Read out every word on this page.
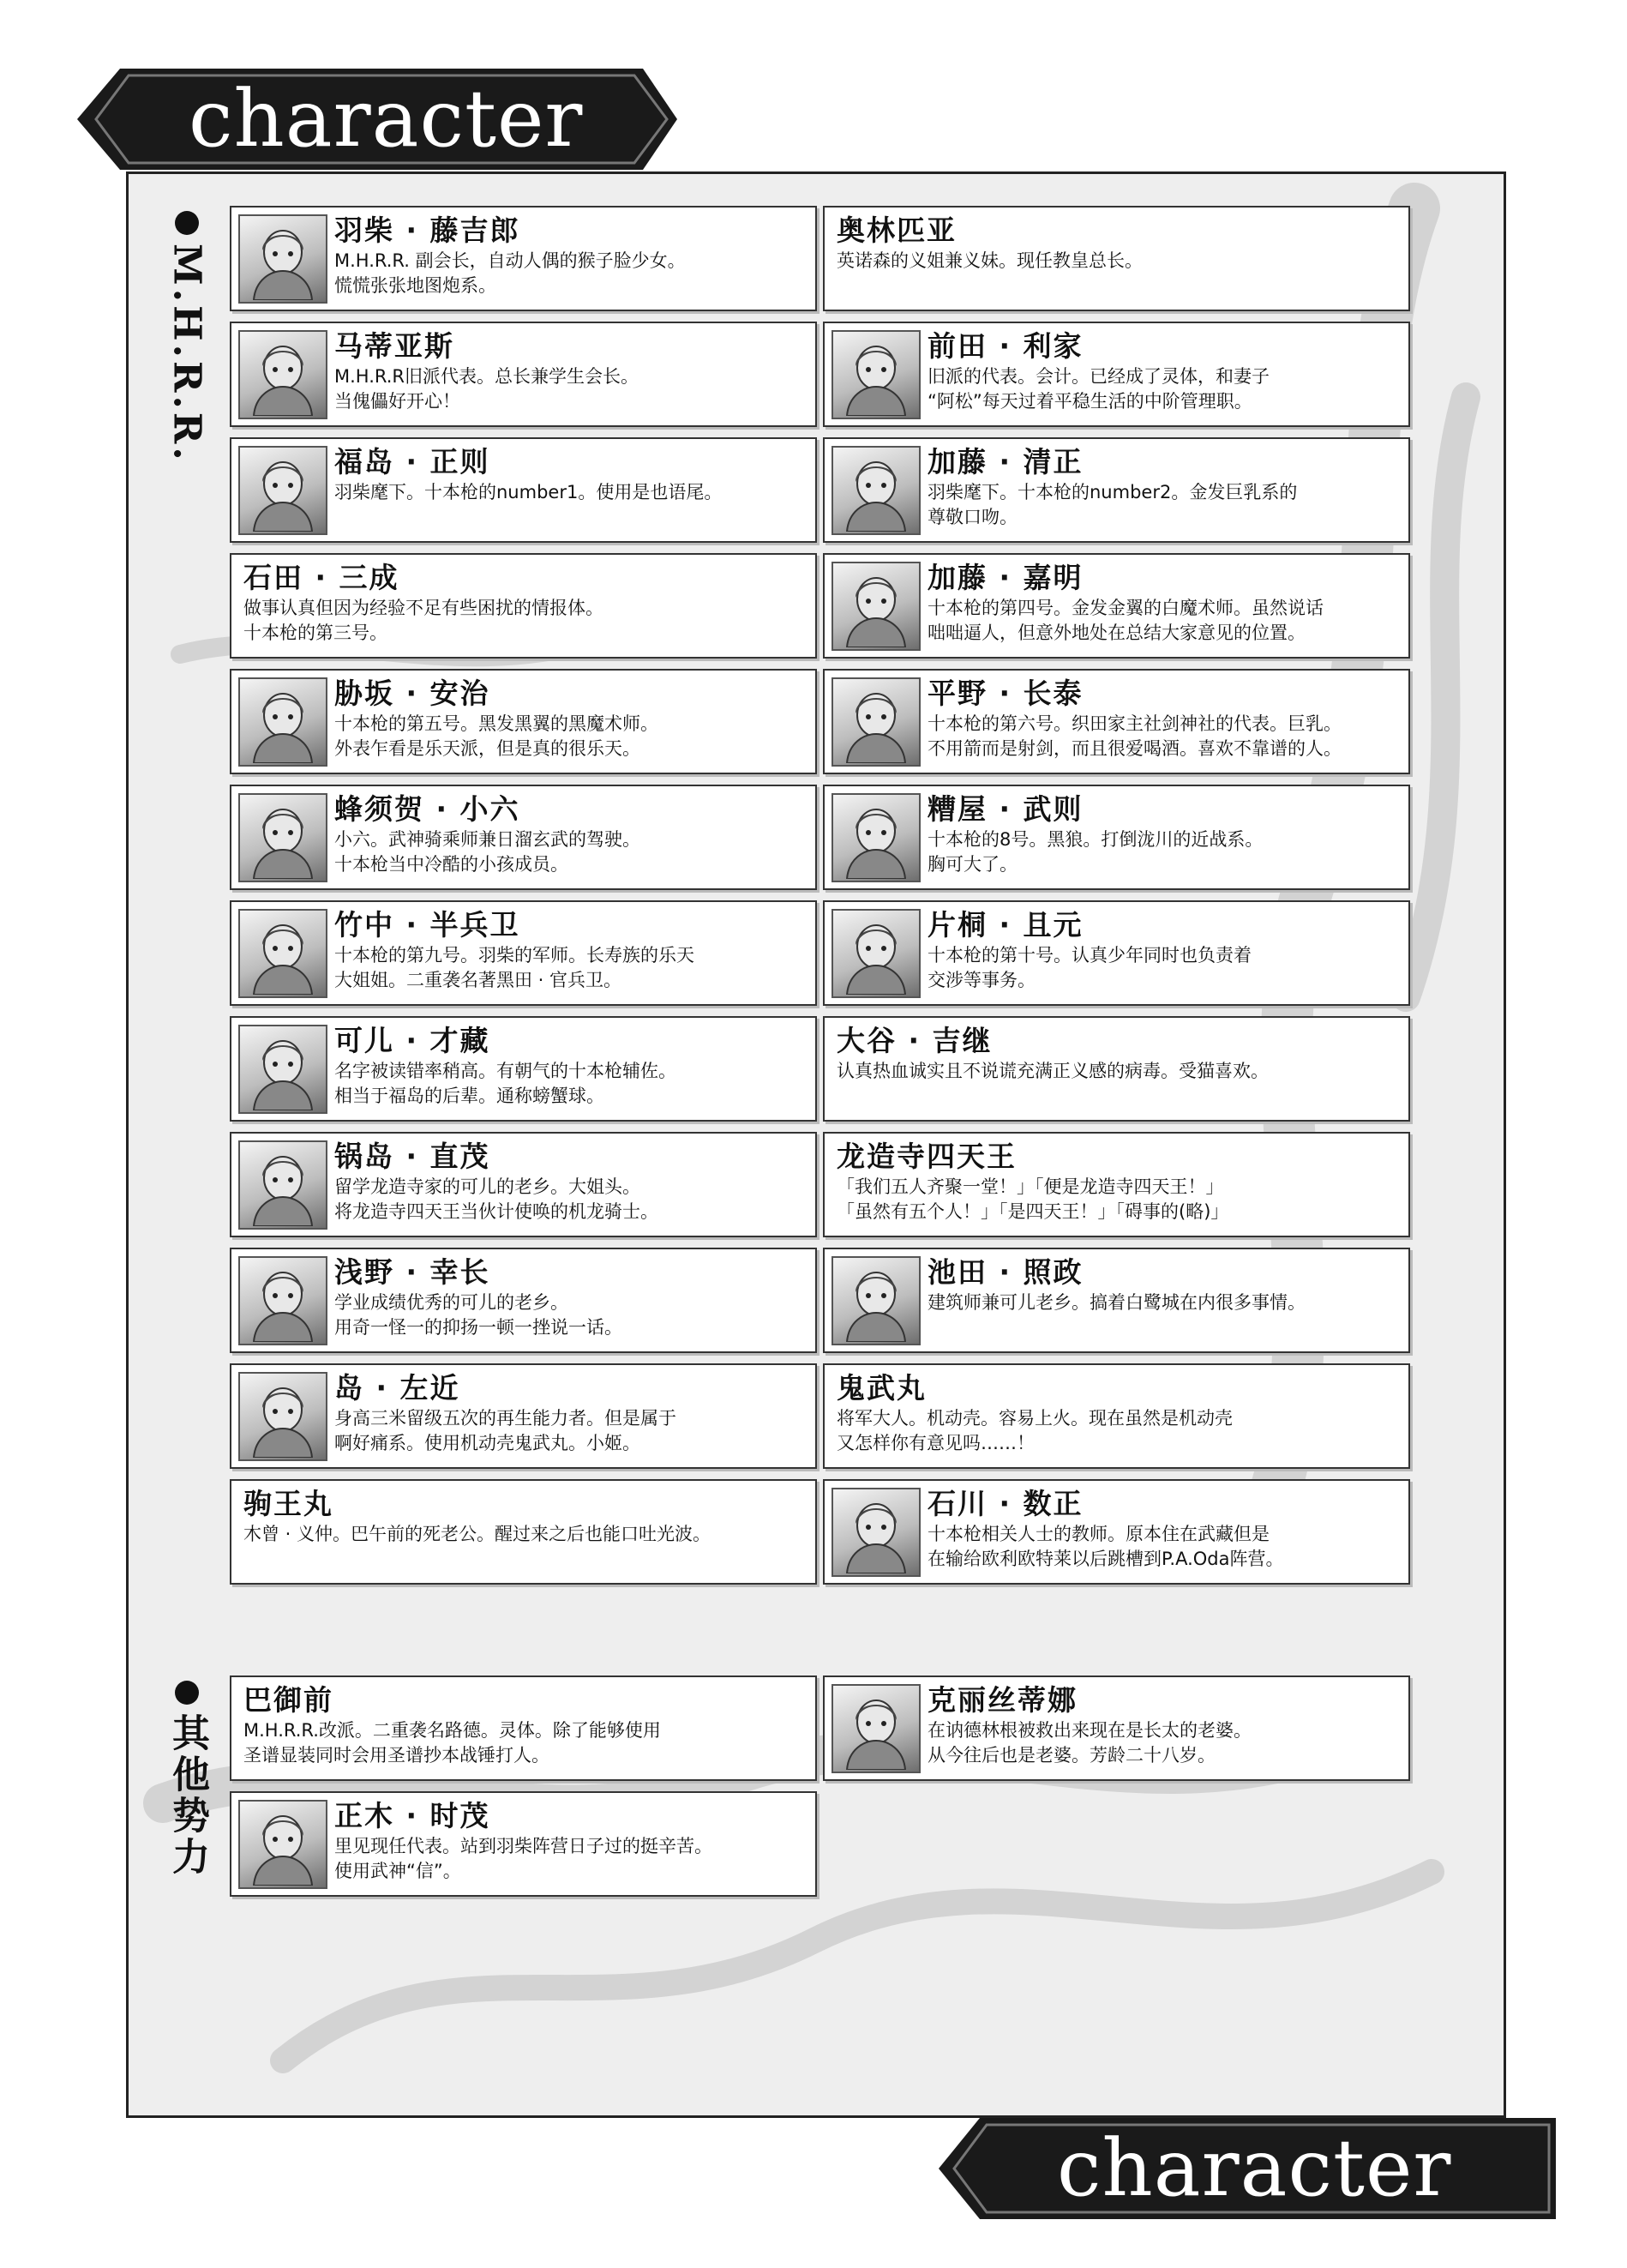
character
M.H.R.R.
其他势力
羽柴 · 藤吉郎
M.H.R.R. 副会长，自动人偶的猴子脸少女。
慌慌张张地图炮系。
奥林匹亚
英诺森的义姐兼义妹。现任教皇总长。
马蒂亚斯
M.H.R.R旧派代表。总长兼学生会长。
当傀儡好开心！
前田 · 利家
旧派的代表。会计。已经成了灵体，和妻子
“阿松”每天过着平稳生活的中阶管理职。
福岛 · 正则
羽柴麾下。十本枪的number1。使用是也语尾。
加藤 · 清正
羽柴麾下。十本枪的number2。金发巨乳系的
尊敬口吻。
石田 · 三成
做事认真但因为经验不足有些困扰的情报体。
十本枪的第三号。
加藤 · 嘉明
十本枪的第四号。金发金翼的白魔术师。虽然说话
咄咄逼人，但意外地处在总结大家意见的位置。
胁坂 · 安治
十本枪的第五号。黑发黑翼的黑魔术师。
外表乍看是乐天派，但是真的很乐天。
平野 · 长泰
十本枪的第六号。织田家主社剑神社的代表。巨乳。
不用箭而是射剑，而且很爱喝酒。喜欢不靠谱的人。
蜂须贺 · 小六
小六。武神骑乘师兼日溜玄武的驾驶。
十本枪当中冷酷的小孩成员。
糟屋 · 武则
十本枪的8号。黑狼。打倒泷川的近战系。
胸可大了。
竹中 · 半兵卫
十本枪的第九号。羽柴的军师。长寿族的乐天
大姐姐。二重袭名著黑田 · 官兵卫。
片桐 · 且元
十本枪的第十号。认真少年同时也负责着
交涉等事务。
可儿 · 才藏
名字被读错率稍高。有朝气的十本枪辅佐。
相当于福岛的后辈。通称螃蟹球。
大谷 · 吉继
认真热血诚实且不说谎充满正义感的病毒。受猫喜欢。
锅岛 · 直茂
留学龙造寺家的可儿的老乡。大姐头。
将龙造寺四天王当伙计使唤的机龙骑士。
龙造寺四天王
「我们五人齐聚一堂！」「便是龙造寺四天王！」
「虽然有五个人！」「是四天王！」「碍事的(略)」
浅野 · 幸长
学业成绩优秀的可儿的老乡。
用奇一怪一的抑扬一顿一挫说一话。
池田 · 照政
建筑师兼可儿老乡。搞着白鹭城在内很多事情。
岛 · 左近
身高三米留级五次的再生能力者。但是属于
啊好痛系。使用机动壳鬼武丸。小姬。
鬼武丸
将军大人。机动壳。容易上火。现在虽然是机动壳
又怎样你有意见吗……！
驹王丸
木曾 · 义仲。巴午前的死老公。醒过来之后也能口吐光波。
石川 · 数正
十本枪相关人士的教师。原本住在武藏但是
在输给欧利欧特莱以后跳槽到P.A.Oda阵营。
巴御前
M.H.R.R.改派。二重袭名路德。灵体。除了能够使用
圣谱显装同时会用圣谱抄本战锤打人。
克丽丝蒂娜
在讷德林根被救出来现在是长太的老婆。
从今往后也是老婆。芳龄二十八岁。
正木 · 时茂
里见现任代表。站到羽柴阵营日子过的挺辛苦。
使用武神“信”。
character
